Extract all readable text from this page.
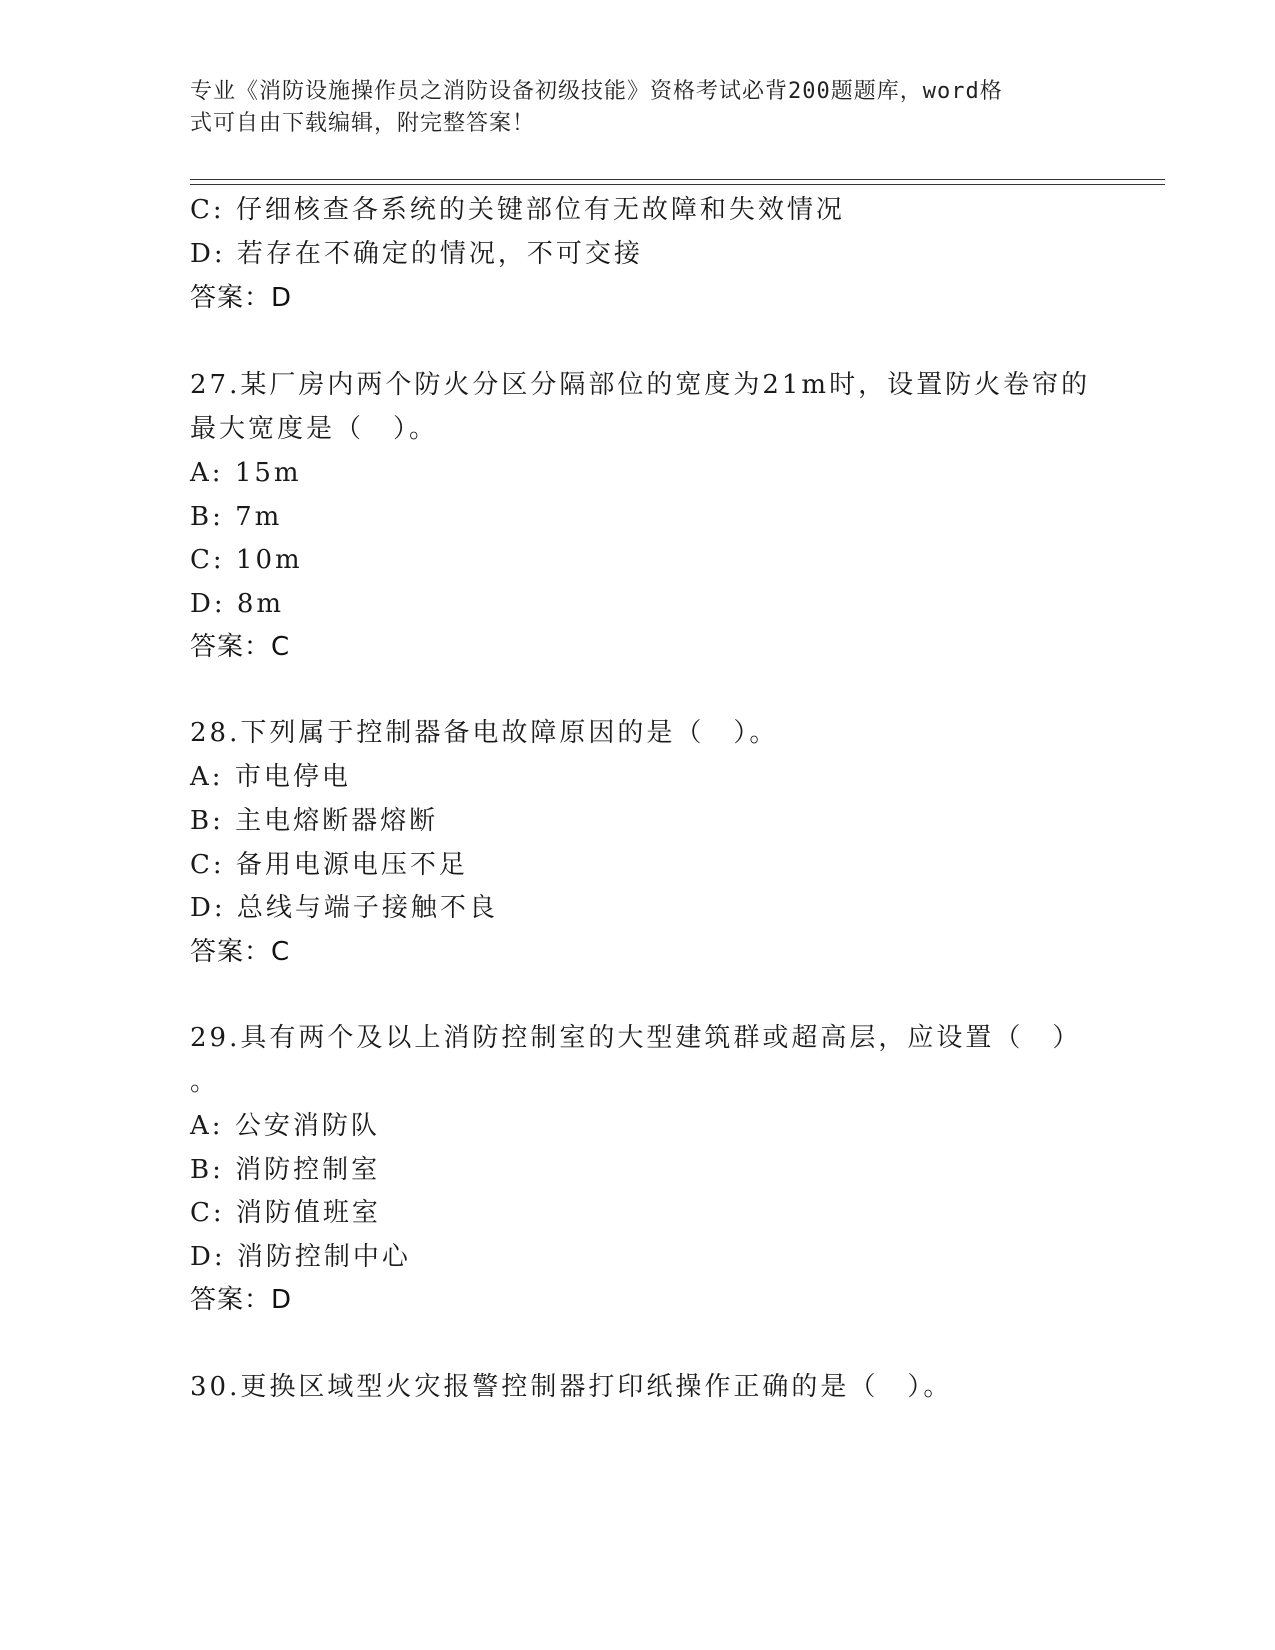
专业《消防设施操作员之消防设备初级技能》资格考试必背200题题库，word格
式可自由下载编辑，附完整答案！
C: 仔细核查各系统的关键部位有无故障和失效情况
D: 若存在不确定的情况，不可交接
答案：D
27.某厂房内两个防火分区分隔部位的宽度为21m时，设置防火卷帘的
最大宽度是（　）。
A: 15m
B: 7m
C: 10m
D: 8m
答案：C
28.下列属于控制器备电故障原因的是（　）。
A: 市电停电
B: 主电熔断器熔断
C: 备用电源电压不足
D: 总线与端子接触不良
答案：C
29.具有两个及以上消防控制室的大型建筑群或超高层，应设置（　）
。
A: 公安消防队
B: 消防控制室
C: 消防值班室
D: 消防控制中心
答案：D
30.更换区域型火灾报警控制器打印纸操作正确的是（　）。
